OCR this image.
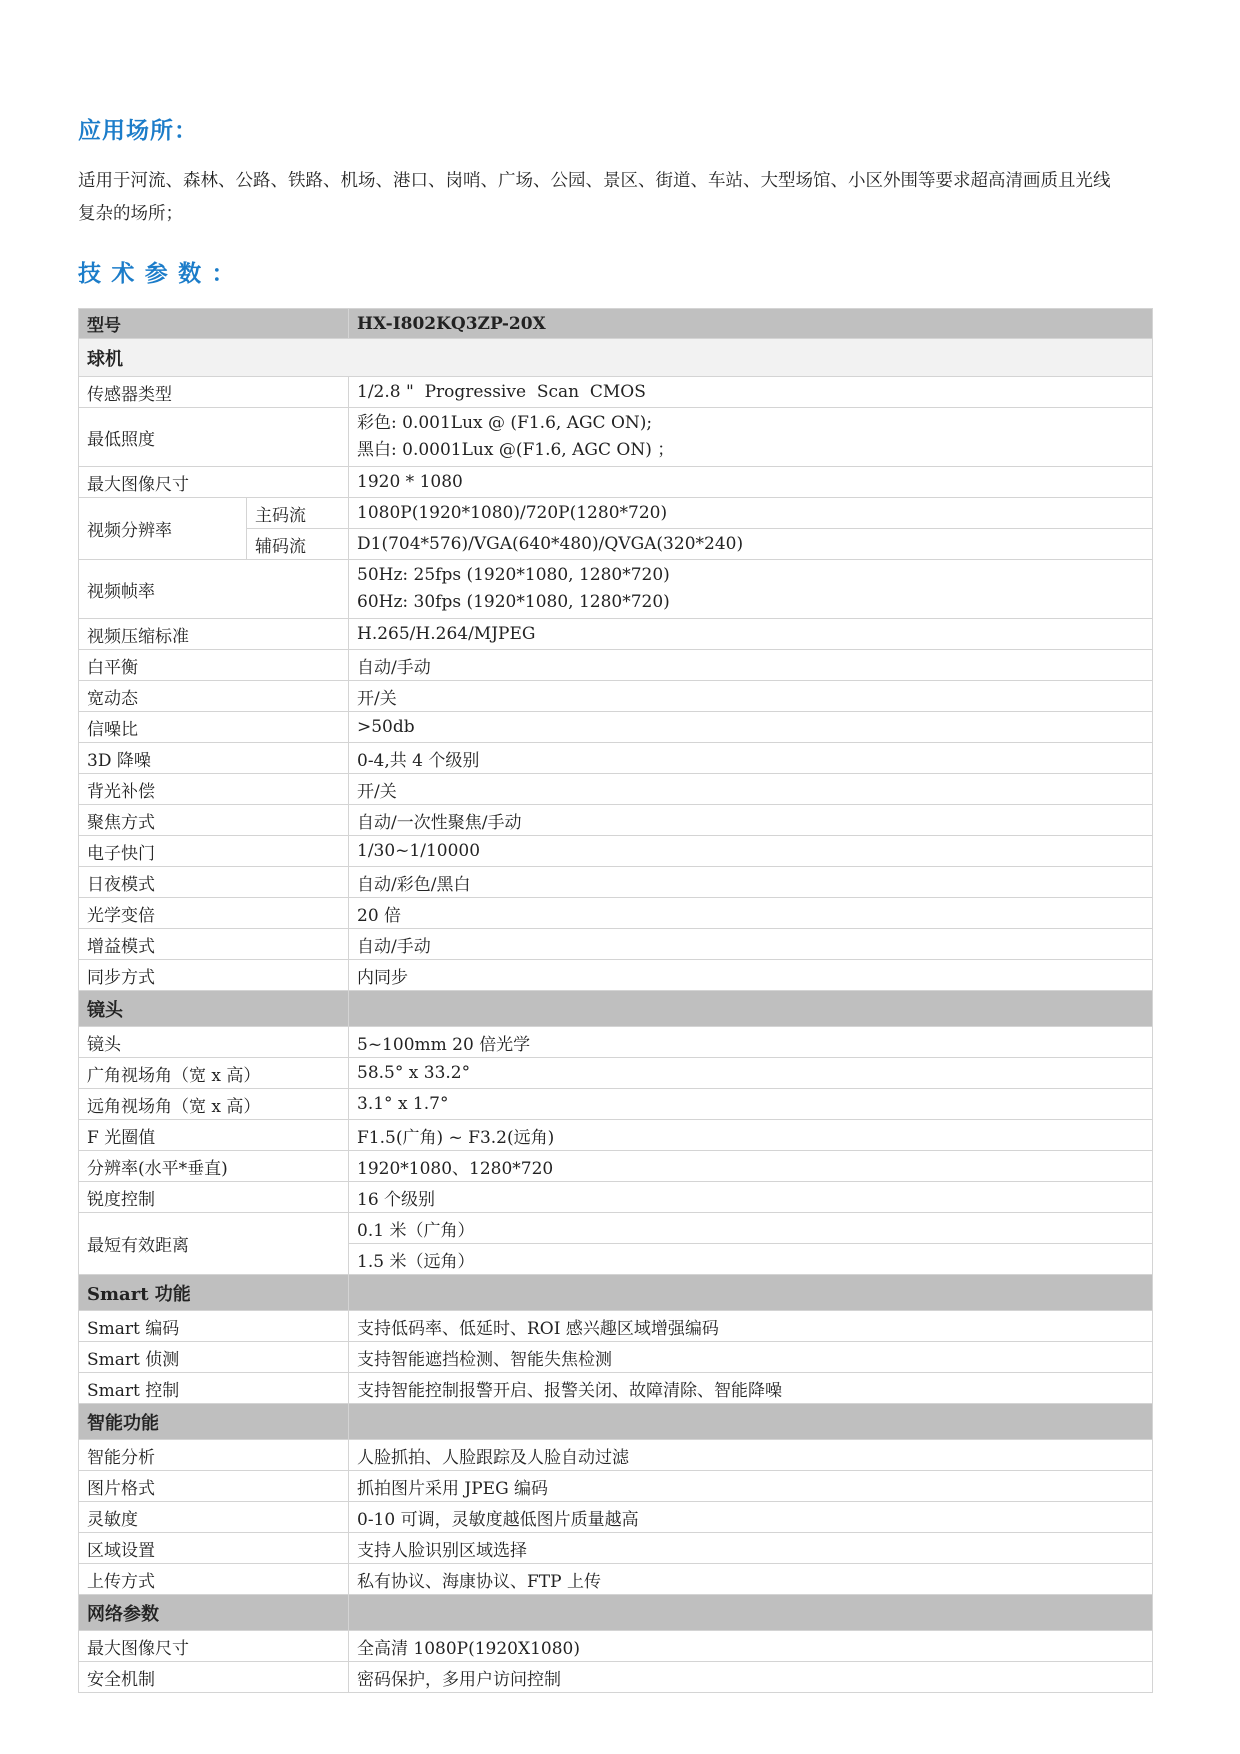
应用场所：

适用于河流、森林、公路、铁路、机场、港口、岗哨、广场、公园、景区、街道、车站、大型场馆、小区外围等要求超高清画质且光线复杂的场所；

技 术 参 数 ：
型号		HX-I802KQ3ZP-20X
球机		
传感器类型		1/2.8 "  Progressive  Scan  CMOS
最低照度		彩色: 0.001Lux @ (F1.6, AGC ON);
黑白: 0.0001Lux @(F1.6, AGC ON) ；

最大图像尺寸		1920 * 1080
视频分辨率	主码流	1080P(1920*1080)/720P(1280*720)
	辅码流	D1(704*576)/VGA(640*480)/QVGA(320*240)
视频帧率		50Hz: 25fps (1920*1080, 1280*720)
60Hz: 30fps (1920*1080, 1280*720)

视频压缩标准		H.265/H.264/MJPEG
白平衡		自动/手动
宽动态		开/关
信噪比		>50db
3D 降噪		0-4,共 4 个级别
背光补偿		开/关
聚焦方式		自动/一次性聚焦/手动
电子快门		1/30~1/10000
日夜模式		自动/彩色/黑白
光学变倍		20 倍
增益模式		自动/手动
同步方式		内同步
镜头		
镜头		5~100mm 20 倍光学
广角视场角（宽 x 高）		58.5° x 33.2°
远角视场角（宽 x 高）		3.1° x 1.7°
F 光圈值		F1.5(广角) ~ F3.2(远角)
分辨率(水平*垂直)		1920*1080、1280*720
锐度控制		16 个级别
最短有效距离		0.1 米（广角）
		1.5 米（远角）
Smart 功能		
Smart 编码		支持低码率、低延时、ROI 感兴趣区域增强编码
Smart 侦测		支持智能遮挡检测、智能失焦检测
Smart 控制		支持智能控制报警开启、报警关闭、故障清除、智能降噪
智能功能		
智能分析		人脸抓拍、人脸跟踪及人脸自动过滤
图片格式		抓拍图片采用 JPEG 编码
灵敏度		0-10 可调，灵敏度越低图片质量越高
区域设置		支持人脸识别区域选择
上传方式		私有协议、海康协议、FTP 上传
网络参数		
最大图像尺寸		全高清 1080P(1920X1080)
安全机制		密码保护，多用户访问控制
